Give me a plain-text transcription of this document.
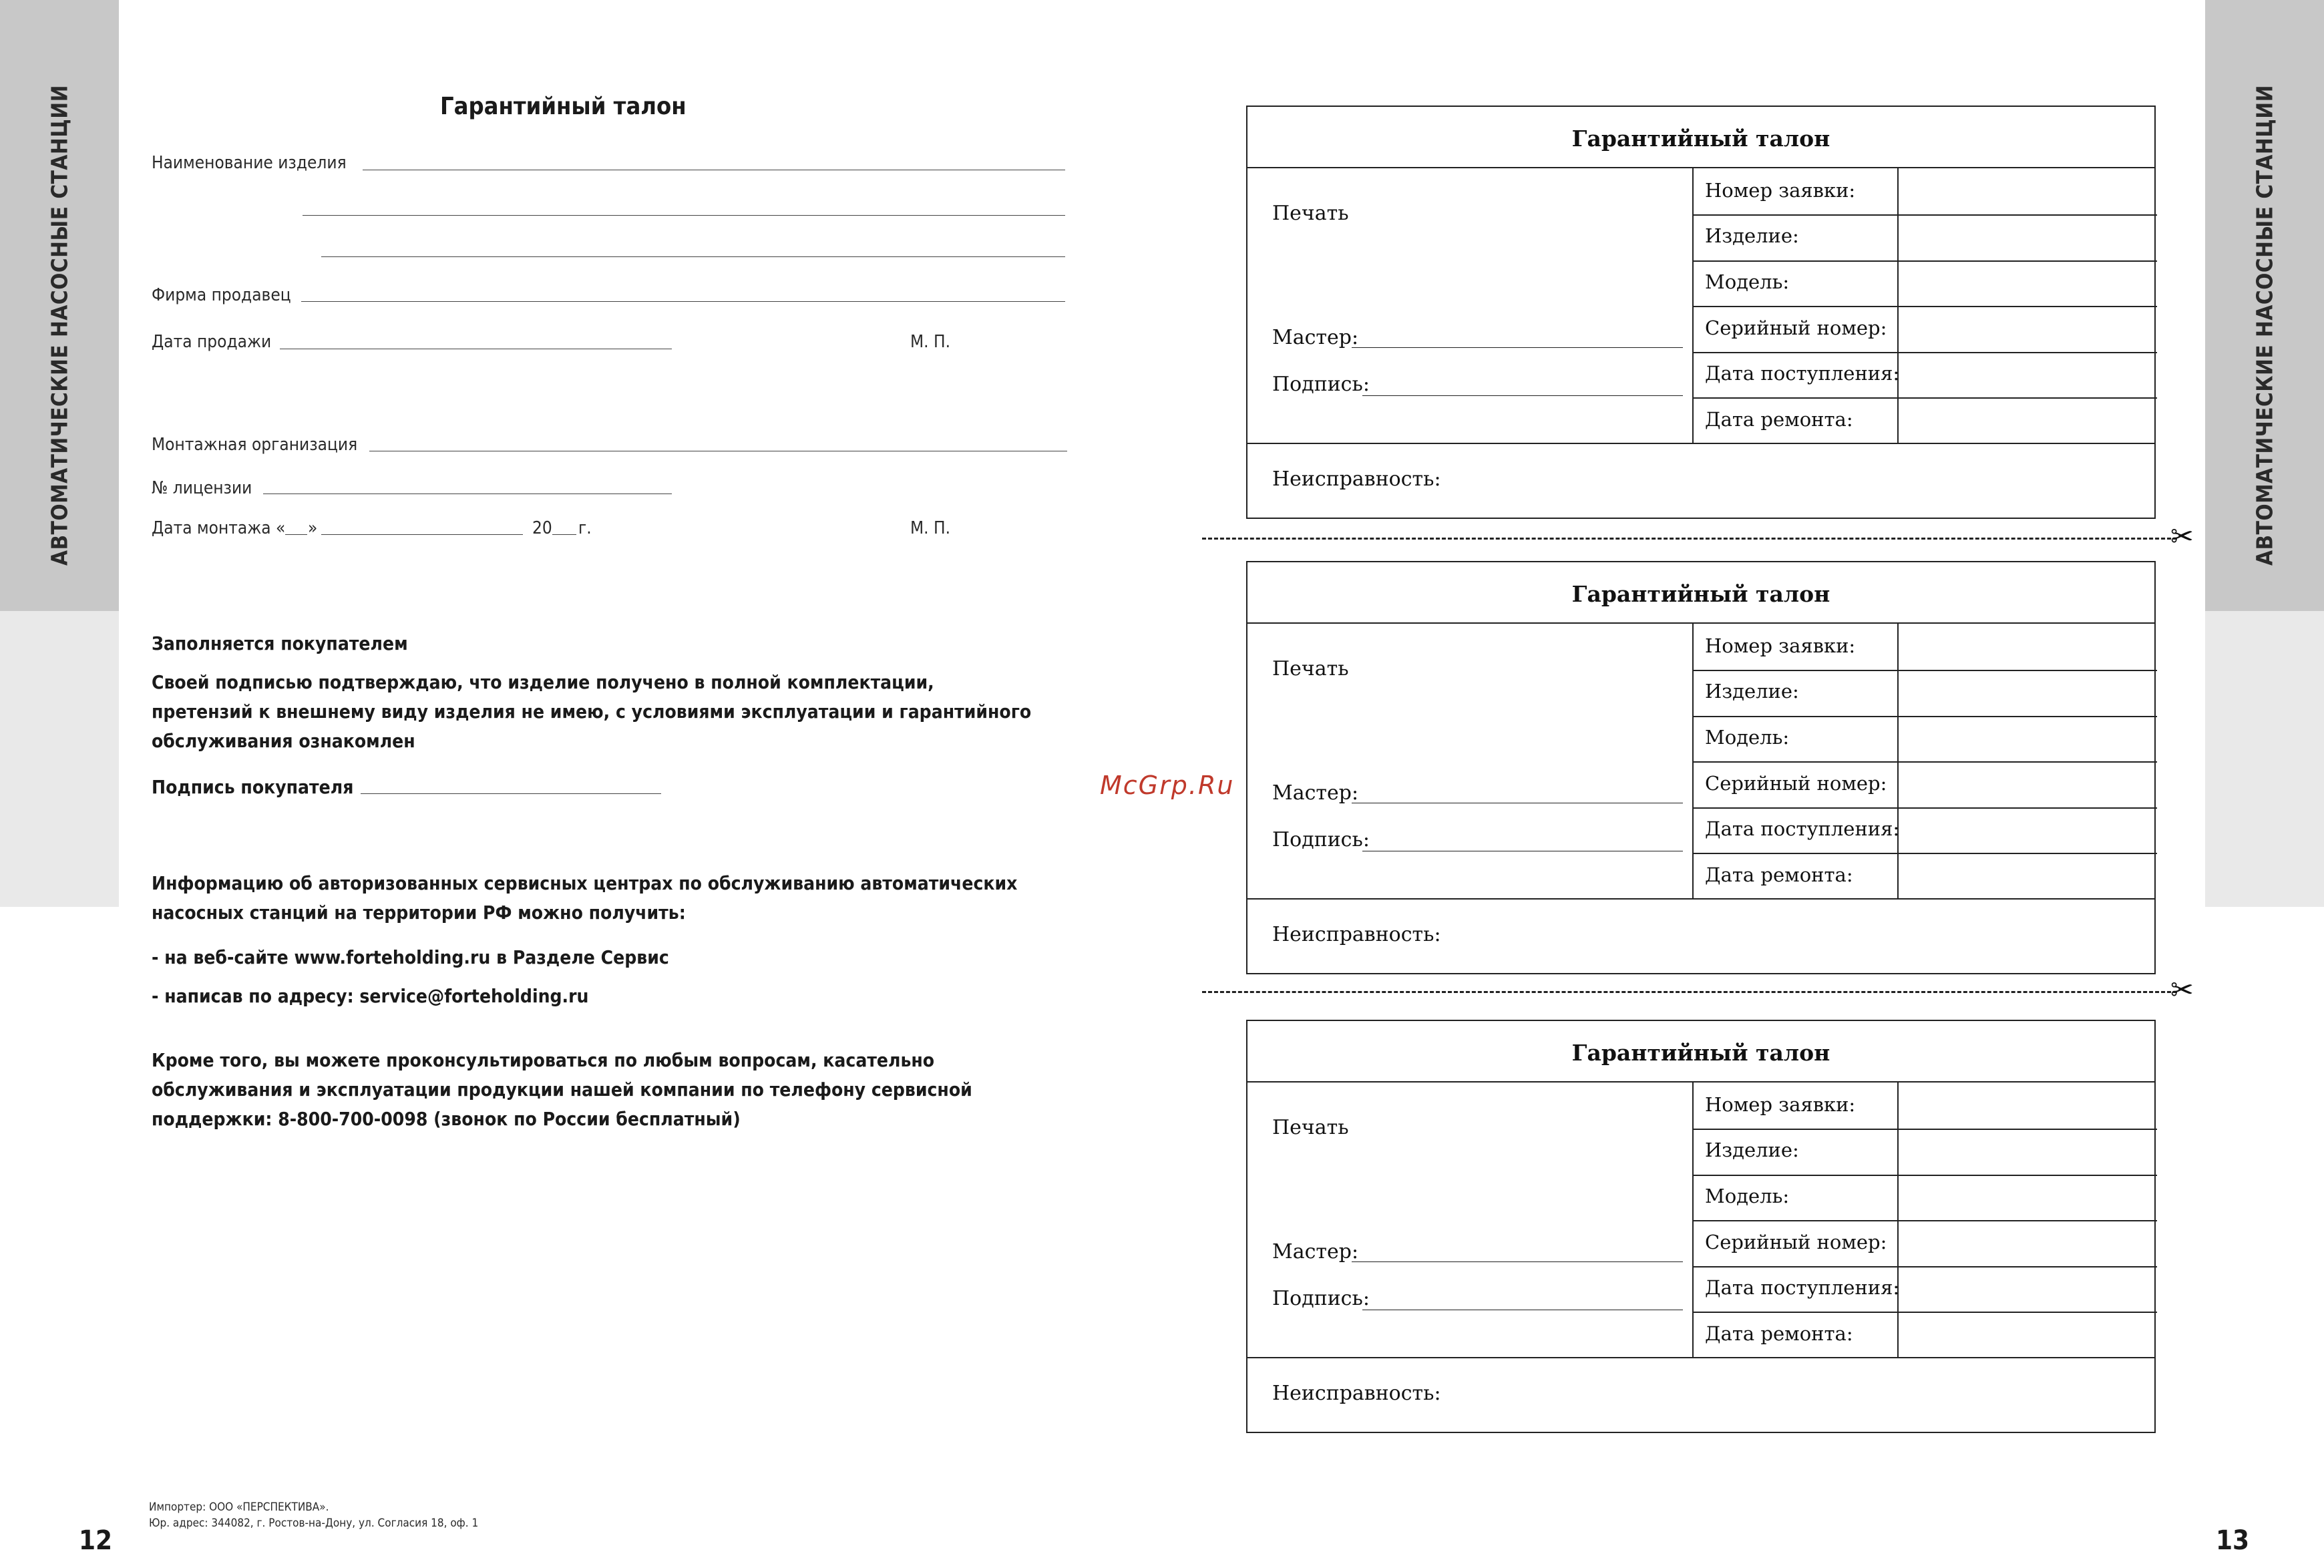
АВТОМАТИЧЕСКИЕ НАСОСНЫЕ СТАНЦИИ	АВТОМАТИЧЕСКИЕ НАСОСНЫЕ СТАНЦИИ
Гарантийный талон
Наименование изделия
Фирма продавец
Дата продажи	М. П.
Монтажная организация
№ лицензии
Дата монтажа « »	20 г.	М. П.
Заполняется покупателем
Своей подписью подтверждаю, что изделие получено в полной комплектации, претензий к внешнему виду изделия не имею, с условиями эксплуатации и гарантийного обслуживания ознакомлен
Подпись покупателя
Информацию об авторизованных сервисных центрах по обслуживанию автоматических насосных станций на территории РФ можно получить:
- на веб-сайте www.forteholding.ru в Разделе Сервис
- написав по адресу: service@forteholding.ru
Кроме того, вы можете проконсультироваться по любым вопросам, касательно обслуживания и эксплуатации продукции нашей компании по телефону сервисной поддержки: 8-800-700-0098 (звонок по России бесплатный)
Импортер: ООО «ПЕРСПЕКТИВА».
Юр. адрес: 344082, г. Ростов-на-Дону, ул. Согласия 18, оф. 1
12	13
McGrp.Ru
Гарантийный талон
Номер заявки:
Изделие:
Модель:
Серийный номер:
Дата поступления:
Дата ремонта:
Печать
Мастер:
Подпись:
Неисправность:
✂
Гарантийный талон
Номер заявки:
Изделие:
Модель:
Серийный номер:
Дата поступления:
Дата ремонта:
Печать
Мастер:
Подпись:
Неисправность:
✂
Гарантийный талон
Номер заявки:
Изделие:
Модель:
Серийный номер:
Дата поступления:
Дата ремонта:
Печать
Мастер:
Подпись:
Неисправность:
